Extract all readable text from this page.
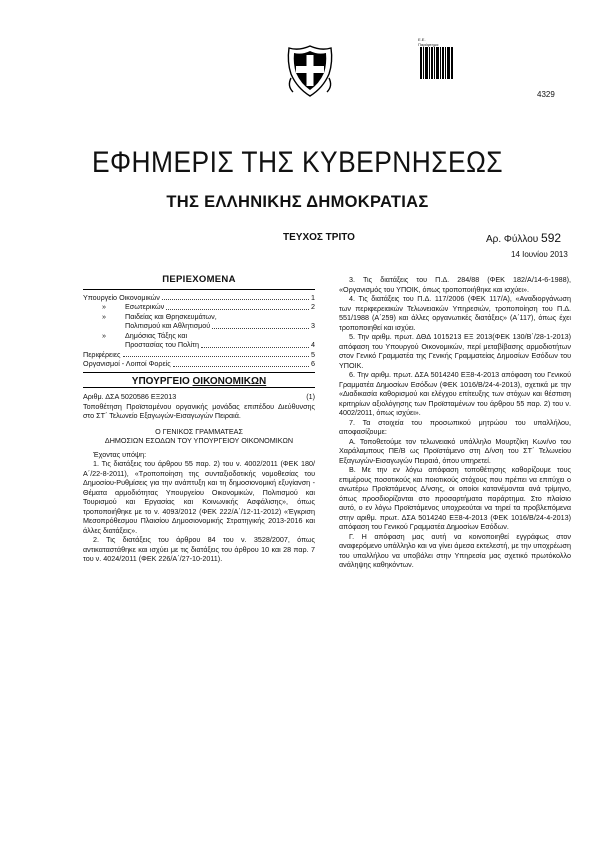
Ε.Ε.
Παράρτημα
4329
ΕΦΗΜΕΡΙΣ ΤΗΣ ΚΥΒΕΡΝΗΣΕΩΣ
ΤΗΣ ΕΛΛΗΝΙΚΗΣ ΔΗΜΟΚΡΑΤΙΑΣ
ΤΕΥΧΟΣ ΤΡΙΤΟ	Αρ. Φύλλου 592
14 Ιουνίου 2013
ΠΕΡΙΕΧΟΜΕΝΑ
Υπουργείο Οικονομικών	1
»	Εσωτερικών	2
»	Παιδείας και Θρησκευμάτων,
Πολιτισμού και Αθλητισμού	3
»	Δημόσιας Τάξης και
Προστασίας του Πολίτη	4
Περιφέρειες	5
Οργανισμοί - Λοιποί Φορείς	6
ΥΠΟΥΡΓΕΙΟ ΟΙΚΟΝΟΜΙΚΩΝ
Αριθμ. ΔΣΑ 5020586 ΕΞ2013	(1)

Τοποθέτηση Προϊσταμένου οργανικής μονάδας επιπέδου Διεύθυνσης στο ΣΤ΄ Τελωνείο Εξαγωγών-Εισαγωγών Πειραιά.

Ο ΓΕΝΙΚΟΣ ΓΡΑΜΜΑΤΕΑΣ
ΔΗΜΟΣΙΩΝ ΕΣΟΔΩΝ ΤΟΥ ΥΠΟΥΡΓΕΙΟΥ ΟΙΚΟΝΟΜΙΚΩΝ

Έχοντας υπόψη:

1. Τις διατάξεις του άρθρου 55 παρ. 2) του ν. 4002/2011 (ΦΕΚ 180/Α΄/22-8-2011), «Τροποποίηση της συνταξιοδοτικής νομοθεσίας του Δημοσίου-Ρυθμίσεις για την ανάπτυξη και τη δημοσιονομική εξυγίανση - Θέματα αρμοδιότητας Υπουργείου Οικονομικών, Πολιτισμού και Τουρισμού και Εργασίας και Κοινωνικής Ασφάλισης», όπως τροποποιήθηκε με το ν. 4093/2012 (ΦΕΚ 222/Α΄/12-11-2012) «Έγκριση Μεσοπρόθεσμου Πλαισίου Δημοσιονομικής Στρατηγικής 2013-2016 και άλλες διατάξεις».

2. Τις διατάξεις του άρθρου 84 του ν. 3528/2007, όπως αντικαταστάθηκε και ισχύει με τις διατάξεις του άρθρου 10 και 28 παρ. 7 του ν. 4024/2011 (ΦΕΚ 226/Α΄/27-10-2011).

3. Τις διατάξεις του Π.Δ. 284/88 (ΦΕΚ 182/Α/14-6-1988), «Οργανισμός του ΥΠΟΙΚ, όπως τροποποιήθηκε και ισχύει».

4. Τις διατάξεις του Π.Δ. 117/2006 (ΦΕΚ 117/Α), «Αναδιοργάνωση των περιφερειακών Τελωνειακών Υπηρεσιών, τροποποίηση του Π.Δ. 551/1988 (Α΄259) και άλλες οργανωτικές διατάξεις» (Α΄117), όπως έχει τροποποιηθεί και ισχύει.

5. Την αριθμ. πρωτ. ΔΘΔ 1015213 ΕΞ 2013(ΦΕΚ 130/Β΄/28-1-2013) απόφαση του Υπουργού Οικονομικών, περί μεταβίβασης αρμοδιοτήτων στον Γενικό Γραμματέα της Γενικής Γραμματείας Δημοσίων Εσόδων του ΥΠΟΙΚ.

6. Την αριθμ. πρωτ. ΔΣΑ 5014240 ΕΞ8-4-2013 απόφαση του Γενικού Γραμματέα Δημοσίων Εσόδων (ΦΕΚ 1016/Β/24-4-2013), σχετικά με την «Διαδικασία καθορισμού και ελέγχου επίτευξης των στόχων και θέσπιση κριτηρίων αξιολόγησης των Προϊσταμένων του άρθρου 55 παρ. 2) του ν. 4002/2011, όπως ισχύει».

7. Τα στοιχεία του προσωπικού μητρώου του υπαλλήλου, αποφασίζουμε:

Α. Τοποθετούμε τον τελωνειακό υπάλληλο Μουρτζίκη Κων/νο του Χαράλαμπους ΠΕ/Β ως Προϊστάμενο στη Δ/νση του ΣΤ΄ Τελωνείου Εξαγωγών-Εισαγωγών Πειραιά, όπου υπηρετεί.

Β. Με την εν λόγω απόφαση τοποθέτησης καθορίζουμε τους επιμέρους ποσοτικούς και ποιοτικούς στόχους που πρέπει να επιτύχει ο ανωτέρω Προϊστάμενος Δ/νσης, οι οποίοι κατανέμονται ανά τρίμηνο, όπως προσδιορίζονται στο προσαρτήματα παράρτημα. Στο πλαίσιο αυτό, ο εν λόγω Προϊστάμενος υποχρεούται να τηρεί τα προβλεπόμενα στην αριθμ. πρωτ. ΔΣΑ 5014240 ΕΞ8-4-2013 (ΦΕΚ 1016/Β/24-4-2013) απόφαση του Γενικού Γραμματέα Δημοσίων Εσόδων.

Γ. Η απόφαση μας αυτή να κοινοποιηθεί εγγράφως στον αναφερόμενο υπάλληλο και να γίνει άμεσα εκτελεστή, με την υποχρέωση του υπαλλήλου να υποβάλει στην Υπηρεσία μας σχετικό πρωτόκολλο ανάληψης καθηκόντων.
